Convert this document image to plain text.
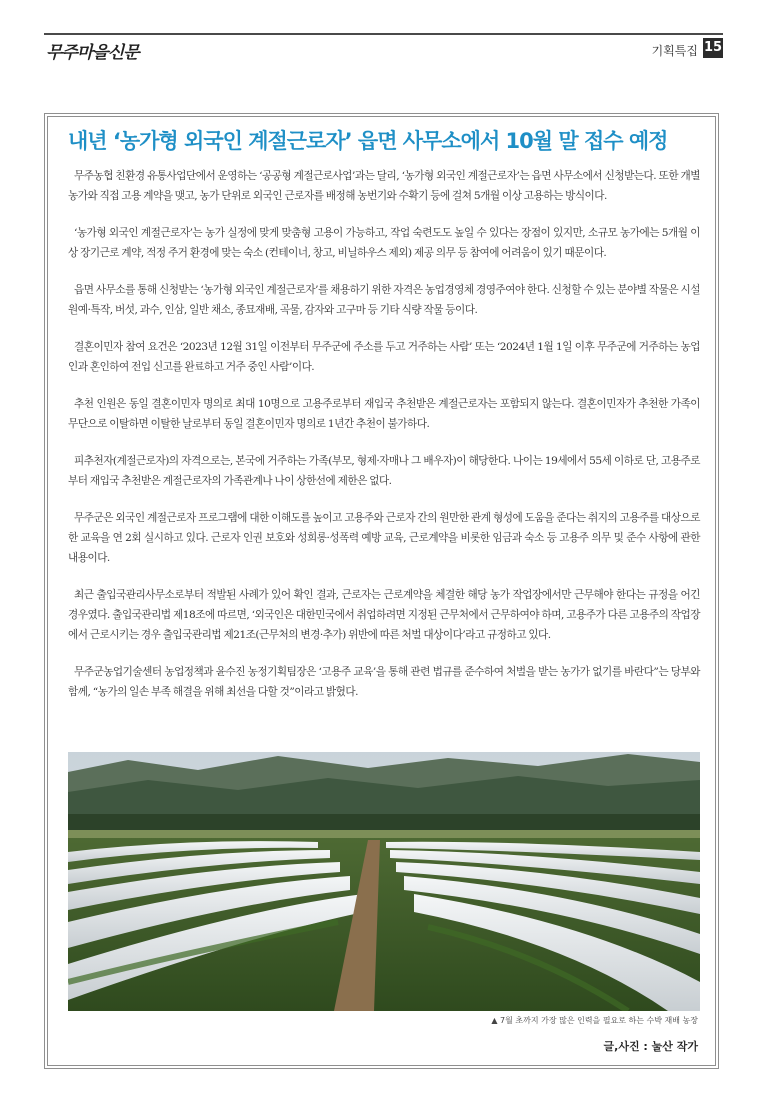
무주마을신문	기획특집 15
내년 ‘농가형 외국인 계절근로자’ 읍면 사무소에서 10월 말 접수 예정

무주농협 친환경 유통사업단에서 운영하는 ‘공공형 계절근로사업’과는 달리, ‘농가형 외국인 계절근로자’는 읍면 사무소에서 신청받는다. 또한 개별 농가와 직접 고용 계약을 맺고, 농가 단위로 외국인 근로자를 배정해 농번기와 수확기 등에 걸쳐 5개월 이상 고용하는 방식이다.

‘농가형 외국인 계절근로자’는 농가 실정에 맞게 맞춤형 고용이 가능하고, 작업 숙련도도 높일 수 있다는 장점이 있지만, 소규모 농가에는 5개월 이상 장기근로 계약, 적정 주거 환경에 맞는 숙소 (컨테이너, 창고, 비닐하우스 제외) 제공 의무 등 참여에 어려움이 있기 때문이다.

읍면 사무소를 통해 신청받는 ‘농가형 외국인 계절근로자’를 채용하기 위한 자격은 농업경영체 경영주여야 한다. 신청할 수 있는 분야별 작물은 시설 원예·특작, 버섯, 과수, 인삼, 일반 채소, 종묘재배, 곡물, 감자와 고구마 등 기타 식량 작물 등이다.

결혼이민자 참여 요건은 ‘2023년 12월 31일 이전부터 무주군에 주소를 두고 거주하는 사람’ 또는 ‘2024년 1월 1일 이후 무주군에 거주하는 농업인과 혼인하여 전입 신고를 완료하고 거주 중인 사람’이다.

추천 인원은 동일 결혼이민자 명의로 최대 10명으로 고용주로부터 재입국 추천받은 계절근로자는 포함되지 않는다. 결혼이민자가 추천한 가족이 무단으로 이탈하면 이탈한 날로부터 동일 결혼이민자 명의로 1년간 추천이 불가하다.

피추천자(계절근로자)의 자격으로는, 본국에 거주하는 가족(부모, 형제·자매나 그 배우자)이 해당한다. 나이는 19세에서 55세 이하로 단, 고용주로부터 재입국 추천받은 계절근로자의 가족관계나 나이 상한선에 제한은 없다.

무주군은 외국인 계절근로자 프로그램에 대한 이해도를 높이고 고용주와 근로자 간의 원만한 관계 형성에 도움을 준다는 취지의 고용주를 대상으로 한 교육을 연 2회 실시하고 있다. 근로자 인권 보호와 성희롱·성폭력 예방 교육, 근로계약을 비롯한 임금과 숙소 등 고용주 의무 및 준수 사항에 관한 내용이다.

최근 출입국관리사무소로부터 적발된 사례가 있어 확인 결과, 근로자는 근로계약을 체결한 해당 농가 작업장에서만 근무해야 한다는 규정을 어긴 경우였다. 출입국관리법 제18조에 따르면, ‘외국인은 대한민국에서 취업하려면 지정된 근무처에서 근무하여야 하며, 고용주가 다른 고용주의 작업장에서 근로시키는 경우 출입국관리법 제21조(근무처의 변경·추가) 위반에 따른 처벌 대상이다’라고 규정하고 있다.

무주군농업기술센터 농업정책과 윤수진 농정기획팀장은 ‘고용주 교육’을 통해 관련 법규를 준수하여 처벌을 받는 농가가 없기를 바란다”는 당부와 함께, “농가의 일손 부족 해결을 위해 최선을 다할 것”이라고 밝혔다.

▲ 7월 초까지 가장 많은 인력을 필요로 하는 수박 재배 농장
글,사진 : 눌산 작가
